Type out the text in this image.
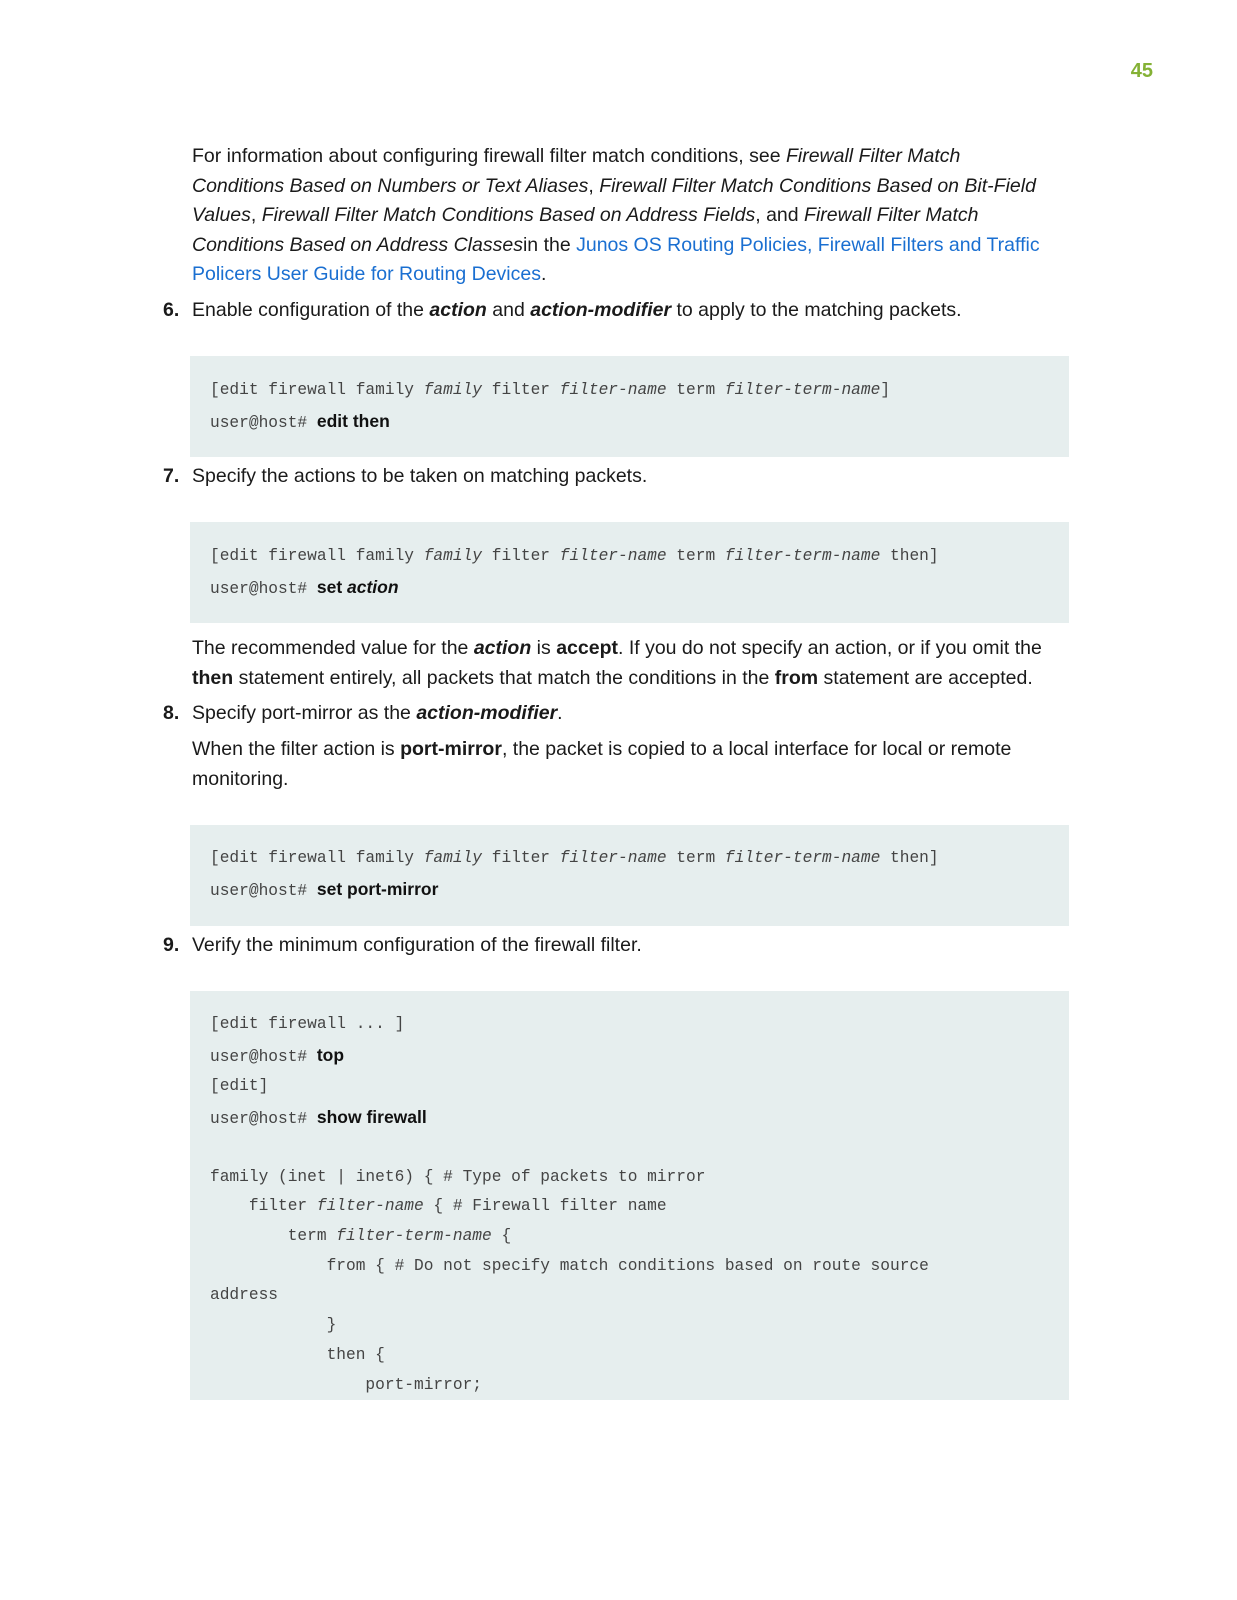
45

For information about configuring firewall filter match conditions, see Firewall Filter Match Conditions Based on Numbers or Text Aliases, Firewall Filter Match Conditions Based on Bit-Field Values, Firewall Filter Match Conditions Based on Address Fields, and Firewall Filter Match Conditions Based on Address Classesin the Junos OS Routing Policies, Firewall Filters and Traffic Policers User Guide for Routing Devices.

6. Enable configuration of the action and action-modifier to apply to the matching packets.

[edit firewall family family filter filter-name term filter-term-name]
user@host# edit then

7. Specify the actions to be taken on matching packets.

[edit firewall family family filter filter-name term filter-term-name then]
user@host# set action

The recommended value for the action is accept. If you do not specify an action, or if you omit the then statement entirely, all packets that match the conditions in the from statement are accepted.

8. Specify port-mirror as the action-modifier.

When the filter action is port-mirror, the packet is copied to a local interface for local or remote monitoring.

[edit firewall family family filter filter-name term filter-term-name then]
user@host# set port-mirror

9. Verify the minimum configuration of the firewall filter.

[edit firewall ... ]
user@host# top
[edit]
user@host# show firewall
family (inet | inet6) { # Type of packets to mirror
filter filter-name { # Firewall filter name
term filter-term-name {
from { # Do not specify match conditions based on route source
address
}
then {
port-mirror;
